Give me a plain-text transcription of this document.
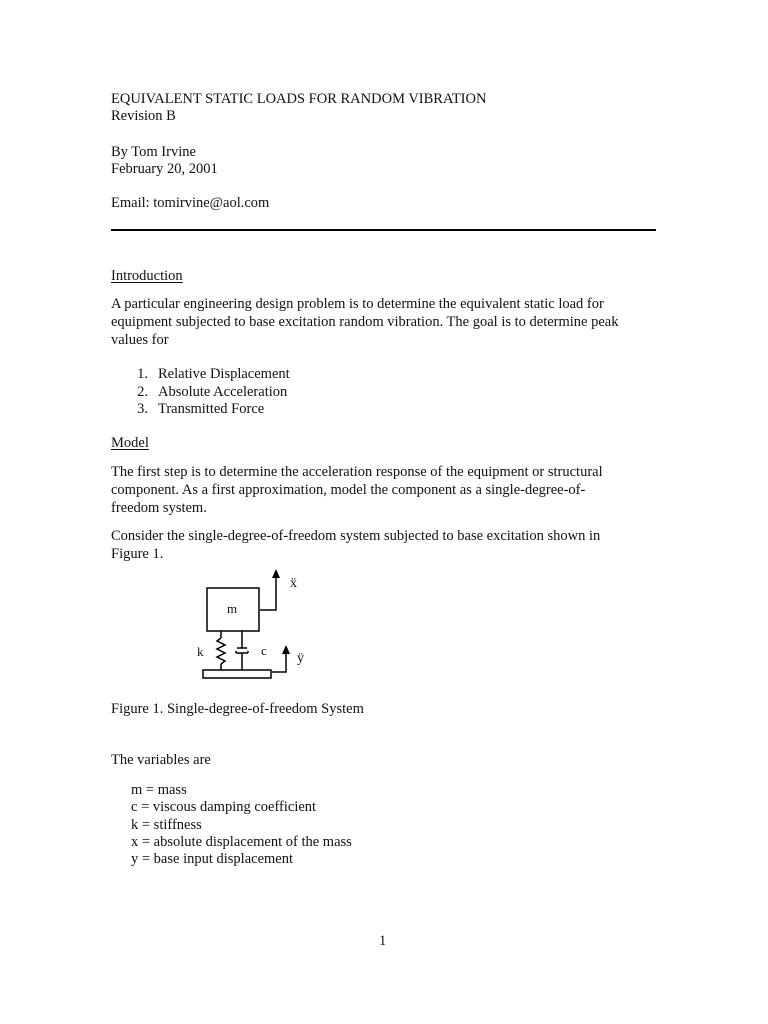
EQUIVALENT STATIC LOADS FOR RANDOM VIBRATION
Revision B
By Tom Irvine
February 20, 2001
Email: tomirvine@aol.com
Introduction
A particular engineering design problem is to determine the equivalent static load for
equipment subjected to base excitation random vibration. The goal is to determine peak
values for
1. Relative Displacement
2. Absolute Acceleration
3. Transmitted Force
Model
The first step is to determine the acceleration response of the equipment or structural
component. As a first approximation, model the component as a single-degree-of-
freedom system.
Consider the single-degree-of-freedom system subjected to base excitation shown in
Figure 1.
m
k	c
ẍ
ÿ
Figure 1. Single-degree-of-freedom System
The variables are
m = mass
c = viscous damping coefficient
k = stiffness
x = absolute displacement of the mass
y = base input displacement
1
